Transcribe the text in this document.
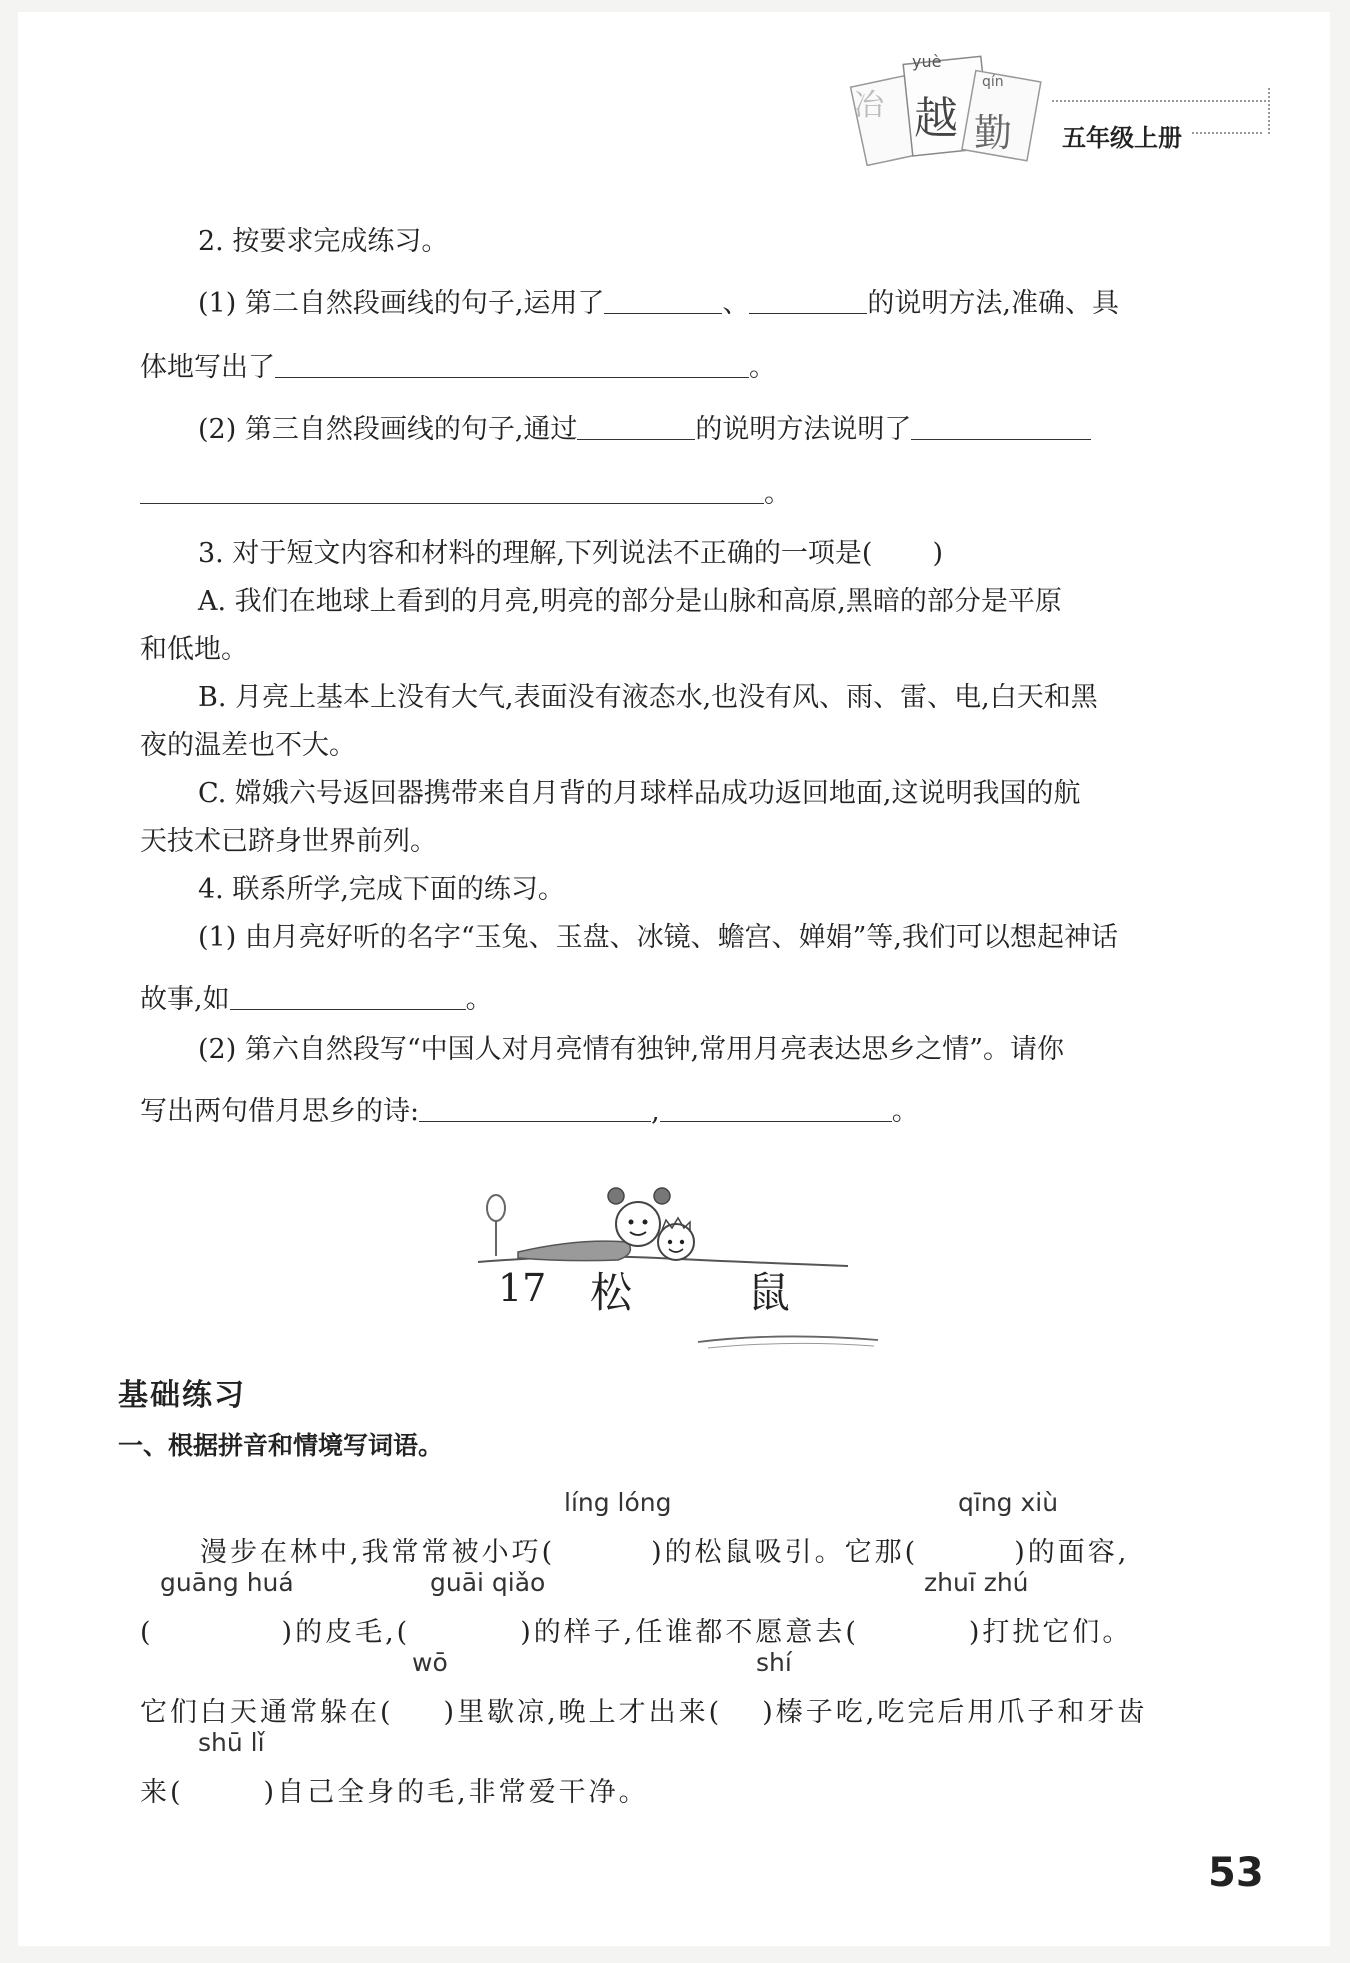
冶
yuè
越
qín
勤 五年级上册
2. 按要求完成练习。
(1) 第二自然段画线的句子,运用了	、	的说明方法,准确、具
体地写出了	。
(2) 第三自然段画线的句子,通过	的说明方法说明了
。
3. 对于短文内容和材料的理解,下列说法不正确的一项是( )
A. 我们在地球上看到的月亮,明亮的部分是山脉和高原,黑暗的部分是平原
和低地。
B. 月亮上基本上没有大气,表面没有液态水,也没有风、雨、雷、电,白天和黑
夜的温差也不大。
C. 嫦娥六号返回器携带来自月背的月球样品成功返回地面,这说明我国的航
天技术已跻身世界前列。
4. 联系所学,完成下面的练习。
(1) 由月亮好听的名字“玉兔、玉盘、冰镜、蟾宫、婵娟”等,我们可以想起神话
故事,如	。
(2) 第六自然段写“中国人对月亮情有独钟,常用月亮表达思乡之情”。请你
写出两句借月思乡的诗:	,	。
17 松	鼠
基础练习
一、根据拼音和情境写词语。
líng lóng	qīng xiù
漫步在林中,我常常被小巧(	)的松鼠吸引。它那(	)的面容,
guāng huá	guāi qiǎo	zhuī zhú
(	)的皮毛,(	)的样子,任谁都不愿意去(	)打扰它们。
wō	shí
它们白天通常躲在( )里歇凉,晚上才出来( )榛子吃,吃完后用爪子和牙齿
shū lǐ
来(	)自己全身的毛,非常爱干净。
53
